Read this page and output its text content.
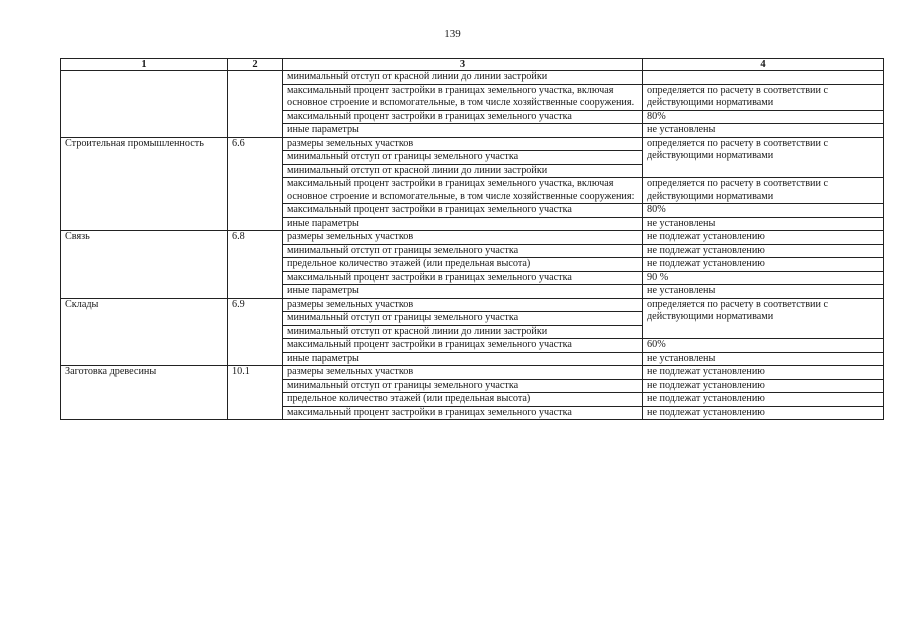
139
1	2	3	4
		минимальный отступ от красной линии до линии застройки	
		максимальный процент застройки в границах земельного участка, включая основное строение и вспомогательные, в том числе хозяйственные сооружения.	определяется по расчету в соответствии с действующими нормативами
		максимальный процент застройки в границах земельного участка	80%
		иные параметры	не установлены
Строительная промышленность	6.6	размеры земельных участков	определяется по расчету в соответствии с действующими нормативами
		минимальный отступ от границы земельного участка	
		минимальный отступ от красной линии до линии застройки	
		максимальный процент застройки в границах земельного участка, включая основное строение и вспомогательные, в том числе хозяйственные сооружения:	определяется по расчету в соответствии с действующими нормативами
		максимальный процент застройки в границах земельного участка	80%
		иные параметры	не установлены
Связь	6.8	размеры земельных участков	не подлежат установлению
		минимальный отступ от границы земельного участка	не подлежат установлению
		предельное количество этажей (или предельная высота)	не подлежат установлению
		максимальный процент застройки в границах земельного участка	90 %
		иные параметры	не установлены
Склады	6.9	размеры земельных участков	определяется по расчету в соответствии с действующими нормативами
		минимальный отступ от границы земельного участка	
		минимальный отступ от красной линии до линии застройки	
		максимальный процент застройки в границах земельного участка	60%
		иные параметры	не установлены
Заготовка древесины	10.1	размеры земельных участков	не подлежат установлению
		минимальный отступ от границы земельного участка	не подлежат установлению
		предельное количество этажей (или предельная высота)	не подлежат установлению
		максимальный процент застройки в границах земельного участка	не подлежат установлению
